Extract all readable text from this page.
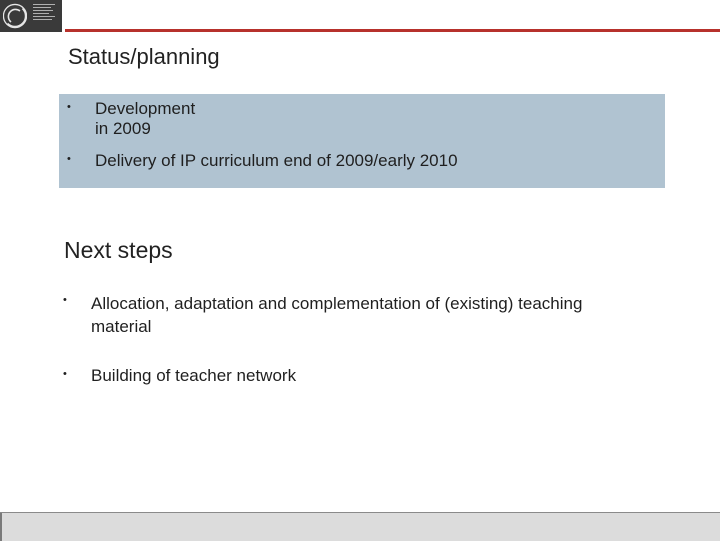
Status/planning
• Development in 2009
• Delivery of IP curriculum end of 2009/early 2010
Next steps
• Allocation, adaptation and complementation of (existing) teaching material
• Building of teacher network
